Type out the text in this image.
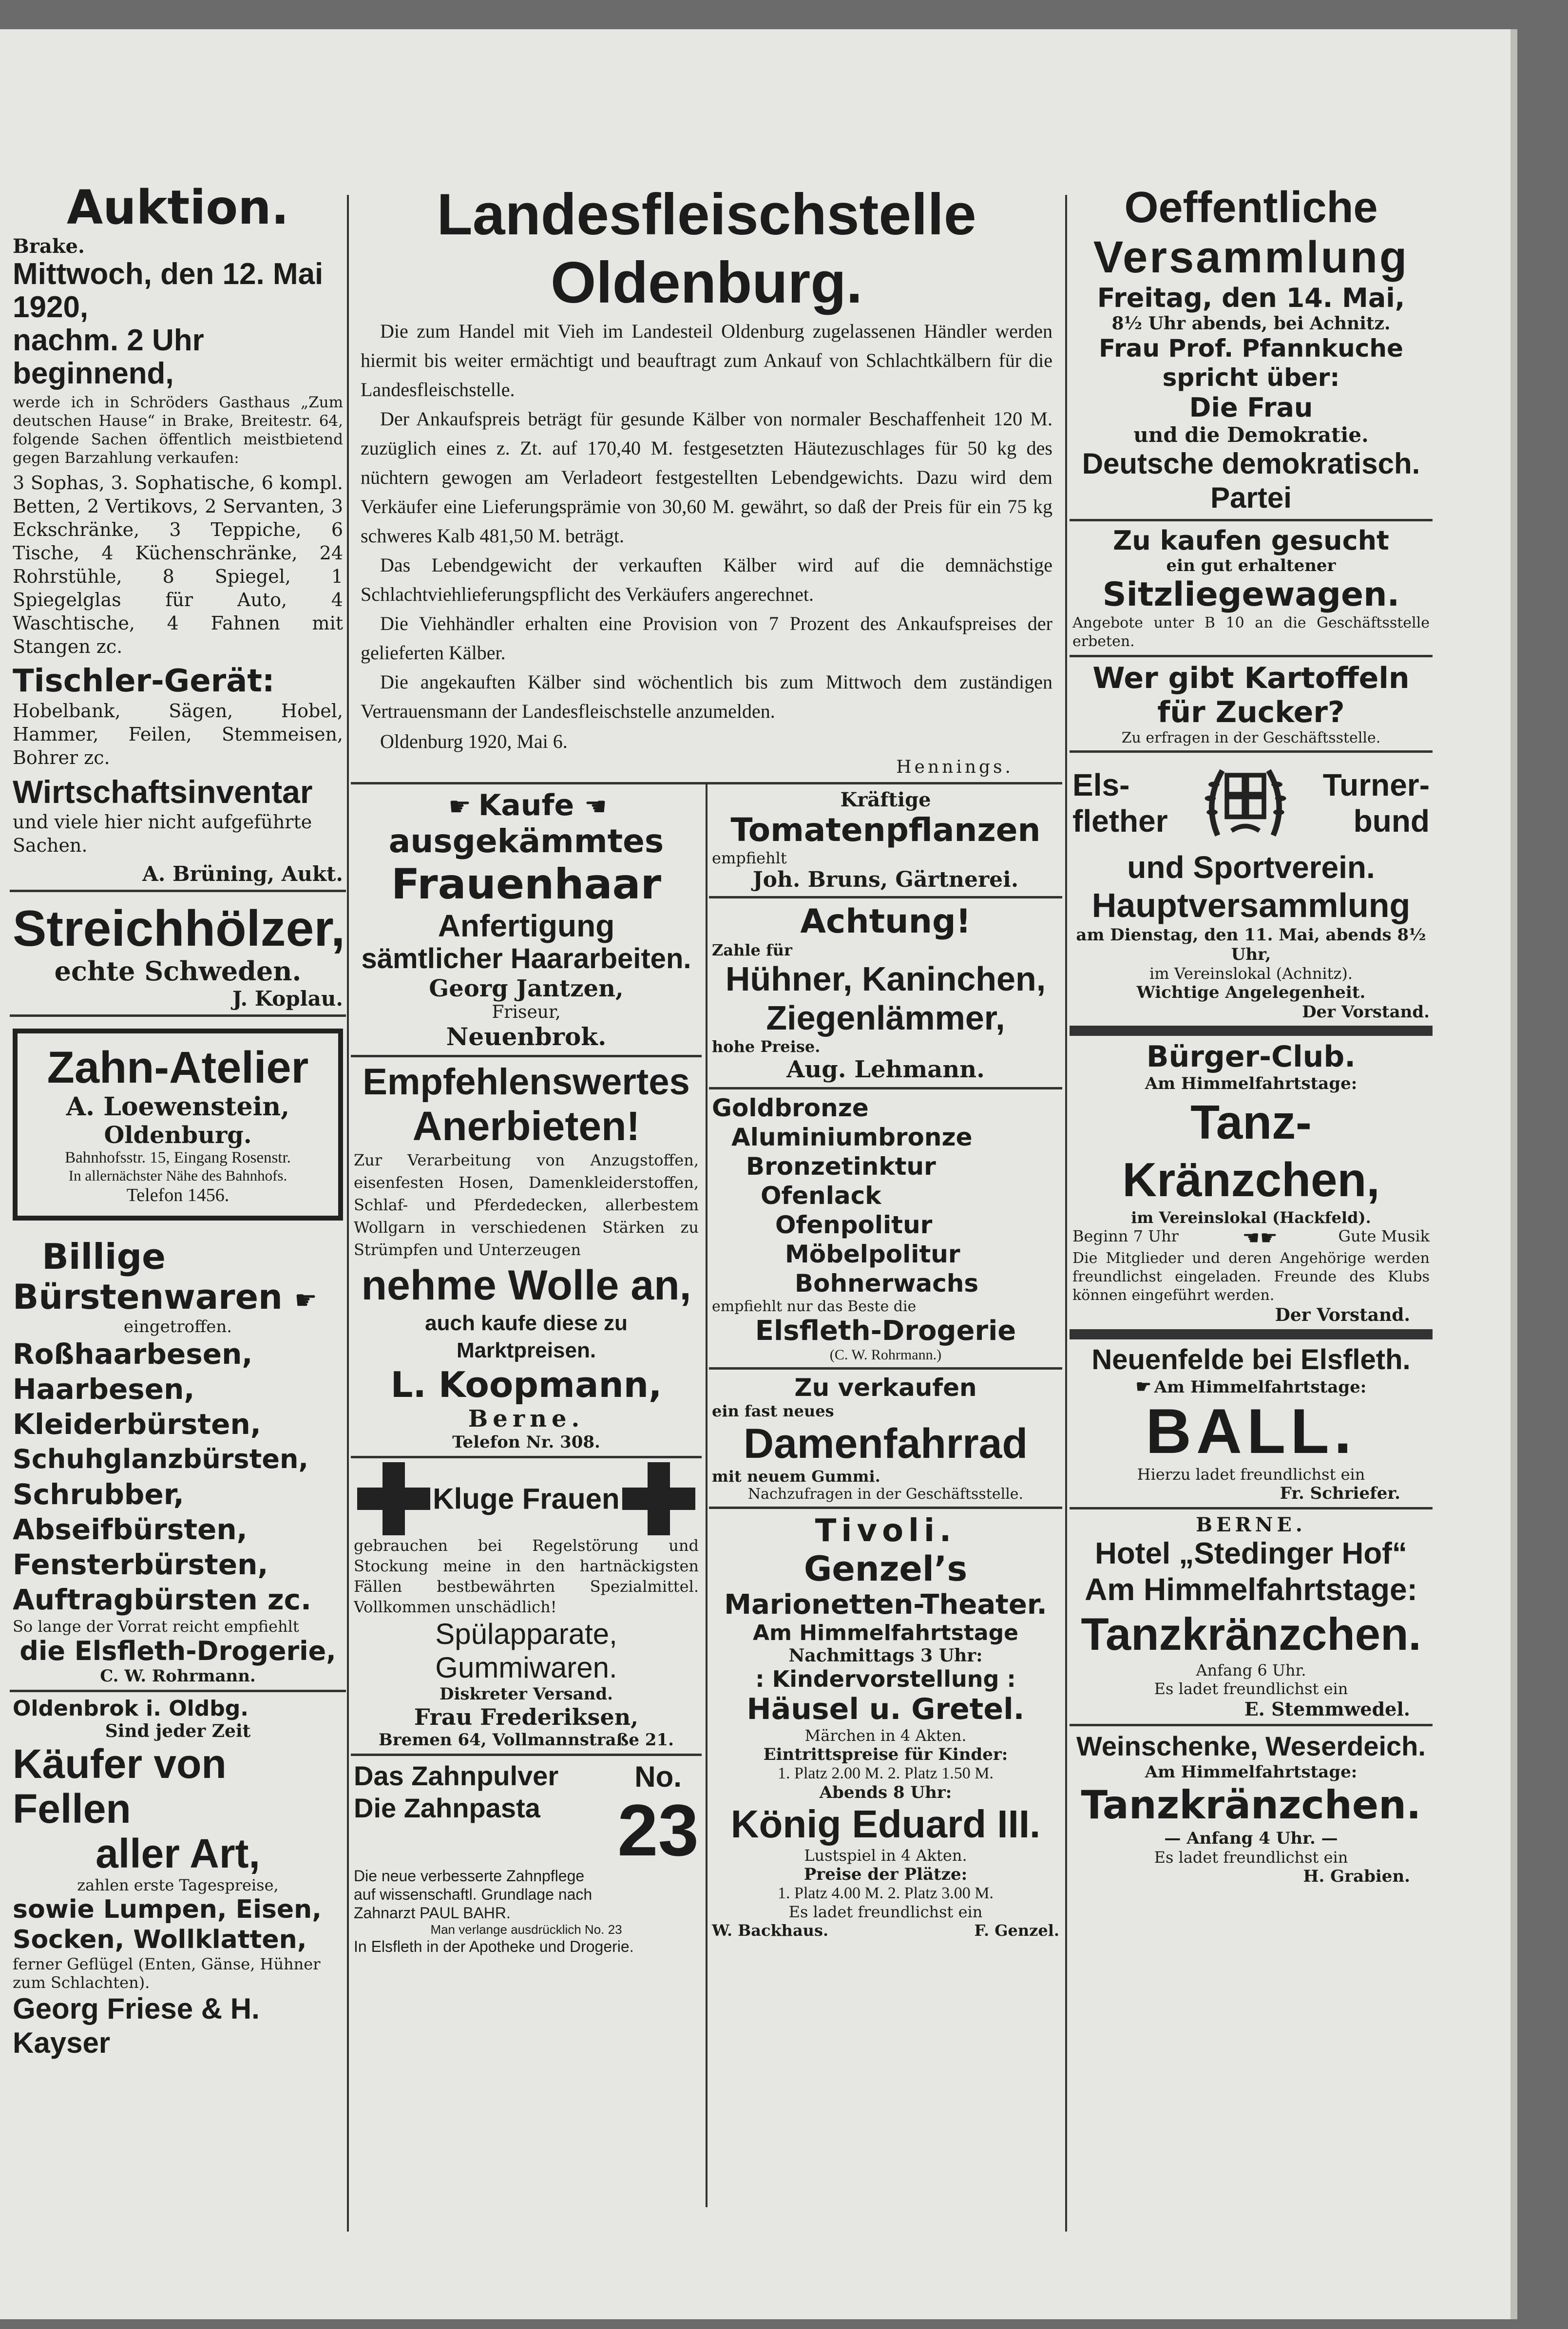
Auktion.
Brake.
Mittwoch, den 12. Mai 1920,
nachm. 2 Uhr beginnend,

werde ich in Schröders Gasthaus „Zum deutschen Hause“ in Brake, Breitestr. 64, folgende Sachen öffentlich meistbietend gegen Barzahlung verkaufen:

3 Sophas, 3. Sophatische, 6 kompl. Betten, 2 Vertikovs, 2 Servanten, 3 Eckschränke, 3 Teppiche, 6 Tische, 4 Küchenschränke, 24 Rohrstühle, 8 Spiegel, 1 Spiegelglas für Auto, 4 Waschtische, 4 Fahnen mit Stangen zc.

Tischler-Gerät:

Hobelbank, Sägen, Hobel, Hammer, Feilen, Stemmeisen, Bohrer zc.

Wirtschaftsinventar

und viele hier nicht aufgeführte Sachen.

A. Brüning, Aukt.
Streichhölzer,
echte Schweden.
J. Koplau.
Zahn-Atelier
A. Loewenstein,
Oldenburg.
Bahnhofsstr. 15, Eingang Rosenstr.
In allernächster Nähe des Bahnhofs.
Telefon 1456.
Billige
Bürstenwaren ☛
eingetroffen.
Roßhaarbesen,
Haarbesen,
Kleiderbürsten,
Schuhglanzbürsten,
Schrubber,
Abseifbürsten,
Fensterbürsten,
Auftragbürsten zc.
So lange der Vorrat reicht empfiehlt
die Elsfleth-Drogerie,
C. W. Rohrmann.
Oldenbrok i. Oldbg.
Sind jeder Zeit
Käufer von Fellen
aller Art,
zahlen erste Tagespreise,
sowie Lumpen, Eisen,
Socken, Wollklatten,
ferner Geflügel (Enten, Gänse, Hühner zum Schlachten).
Georg Friese & H. Kayser
Landesfleischstelle Oldenburg.

Die zum Handel mit Vieh im Landesteil Oldenburg zugelassenen Händler werden hiermit bis weiter ermächtigt und beauftragt zum Ankauf von Schlachtkälbern für die Landesfleischstelle.

Der Ankaufspreis beträgt für gesunde Kälber von normaler Beschaffenheit 120 M. zuzüglich eines z. Zt. auf 170,40 M. festgesetzten Häutezuschlages für 50 kg des nüchtern gewogen am Verladeort festgestellten Lebendgewichts. Dazu wird dem Verkäufer eine Lieferungsprämie von 30,60 M. gewährt, so daß der Preis für ein 75 kg schweres Kalb 481,50 M. beträgt.

Das Lebendgewicht der verkauften Kälber wird auf die demnächstige Schlachtviehlieferungspflicht des Verkäufers angerechnet.

Die Viehhändler erhalten eine Provision von 7 Prozent des Ankaufspreises der gelieferten Kälber.

Die angekauften Kälber sind wöchentlich bis zum Mittwoch dem zuständigen Vertrauensmann der Landesfleischstelle anzumelden.

Oldenburg 1920, Mai 6.

Hennings.

☛ Kaufe ☚
ausgekämmtes
Frauenhaar
Anfertigung
sämtlicher Haararbeiten.
Georg Jantzen,
Friseur,
Neuenbrok.
Empfehlenswertes
Anerbieten!

Zur Verarbeitung von Anzugstoffen, eisenfesten Hosen, Damenkleiderstoffen, Schlaf- und Pferdedecken, allerbestem Wollgarn in verschiedenen Stärken zu Strümpfen und Unterzeugen

nehme Wolle an,
auch kaufe diese zu Marktpreisen.
L. Koopmann,
Berne.
Telefon Nr. 308.
Kluge Frauen

gebrauchen bei Regelstörung und Stockung meine in den hartnäckigsten Fällen bestbewährten Spezialmittel. Vollkommen unschädlich!

Spülapparate,
Gummiwaren.
Diskreter Versand.
Frau Frederiksen,
Bremen 64, Vollmannstraße 21.
Das Zahnpulver
Die Zahnpasta
No.
23

Die neue verbesserte Zahnpflege auf wissenschaftl. Grundlage nach Zahnarzt PAUL BAHR.

Man verlange ausdrücklich No. 23

In Elsfleth in der Apotheke und Drogerie.

Kräftige
Tomatenpflanzen
empfiehlt
Joh. Bruns, Gärtnerei.
Achtung!
Zahle für
Hühner, Kaninchen,
Ziegenlämmer,
hohe Preise.
Aug. Lehmann.
Goldbronze
Aluminiumbronze
Bronzetinktur
Ofenlack
Ofenpolitur
Möbelpolitur
Bohnerwachs
empfiehlt nur das Beste die
Elsfleth-Drogerie
(C. W. Rohrmann.)
Zu verkaufen
ein fast neues
Damenfahrrad
mit neuem Gummi.
Nachzufragen in der Geschäftsstelle.
Tivoli.
Genzel’s
Marionetten-Theater.
Am Himmelfahrtstage
Nachmittags 3 Uhr:
: Kindervorstellung :
Häusel u. Gretel.
Märchen in 4 Akten.
Eintrittspreise für Kinder:
1. Platz 2.00 M. 2. Platz 1.50 M.
Abends 8 Uhr:
König Eduard III.
Lustspiel in 4 Akten.
Preise der Plätze:
1. Platz 4.00 M. 2. Platz 3.00 M.
Es ladet freundlichst ein
W. Backhaus.	F. Genzel.
Oeffentliche
Versammlung
Freitag, den 14. Mai,
8½ Uhr abends, bei Achnitz.
Frau Prof. Pfannkuche spricht über:
Die Frau
und die Demokratie.
Deutsche demokratisch. Partei
Zu kaufen gesucht
ein gut erhaltener
Sitzliegewagen.

Angebote unter B 10 an die Geschäftsstelle erbeten.

Wer gibt Kartoffeln
für Zucker?
Zu erfragen in der Geschäftsstelle.
Els-
flether
Turner-
bund
und Sportverein.
Hauptversammlung
am Dienstag, den 11. Mai, abends 8½ Uhr,
im Vereinslokal (Achnitz).
Wichtige Angelegenheit.
Der Vorstand.
Bürger-Club.
Am Himmelfahrtstage:
Tanz-Kränzchen,
im Vereinslokal (Hackfeld).
Beginn 7 Uhr	☚ ☛	Gute Musik

Die Mitglieder und deren Angehörige werden freundlichst eingeladen. Freunde des Klubs können eingeführt werden.

Der Vorstand.
Neuenfelde bei Elsfleth.
☛ Am Himmelfahrtstage:
BALL.
Hierzu ladet freundlichst ein
Fr. Schriefer.
BERNE.
Hotel „Stedinger Hof“
Am Himmelfahrtstage:
Tanzkränzchen.
Anfang 6 Uhr.
Es ladet freundlichst ein
E. Stemmwedel.
Weinschenke, Weserdeich.
Am Himmelfahrtstage:
Tanzkränzchen.
— Anfang 4 Uhr. —
Es ladet freundlichst ein
H. Grabien.
